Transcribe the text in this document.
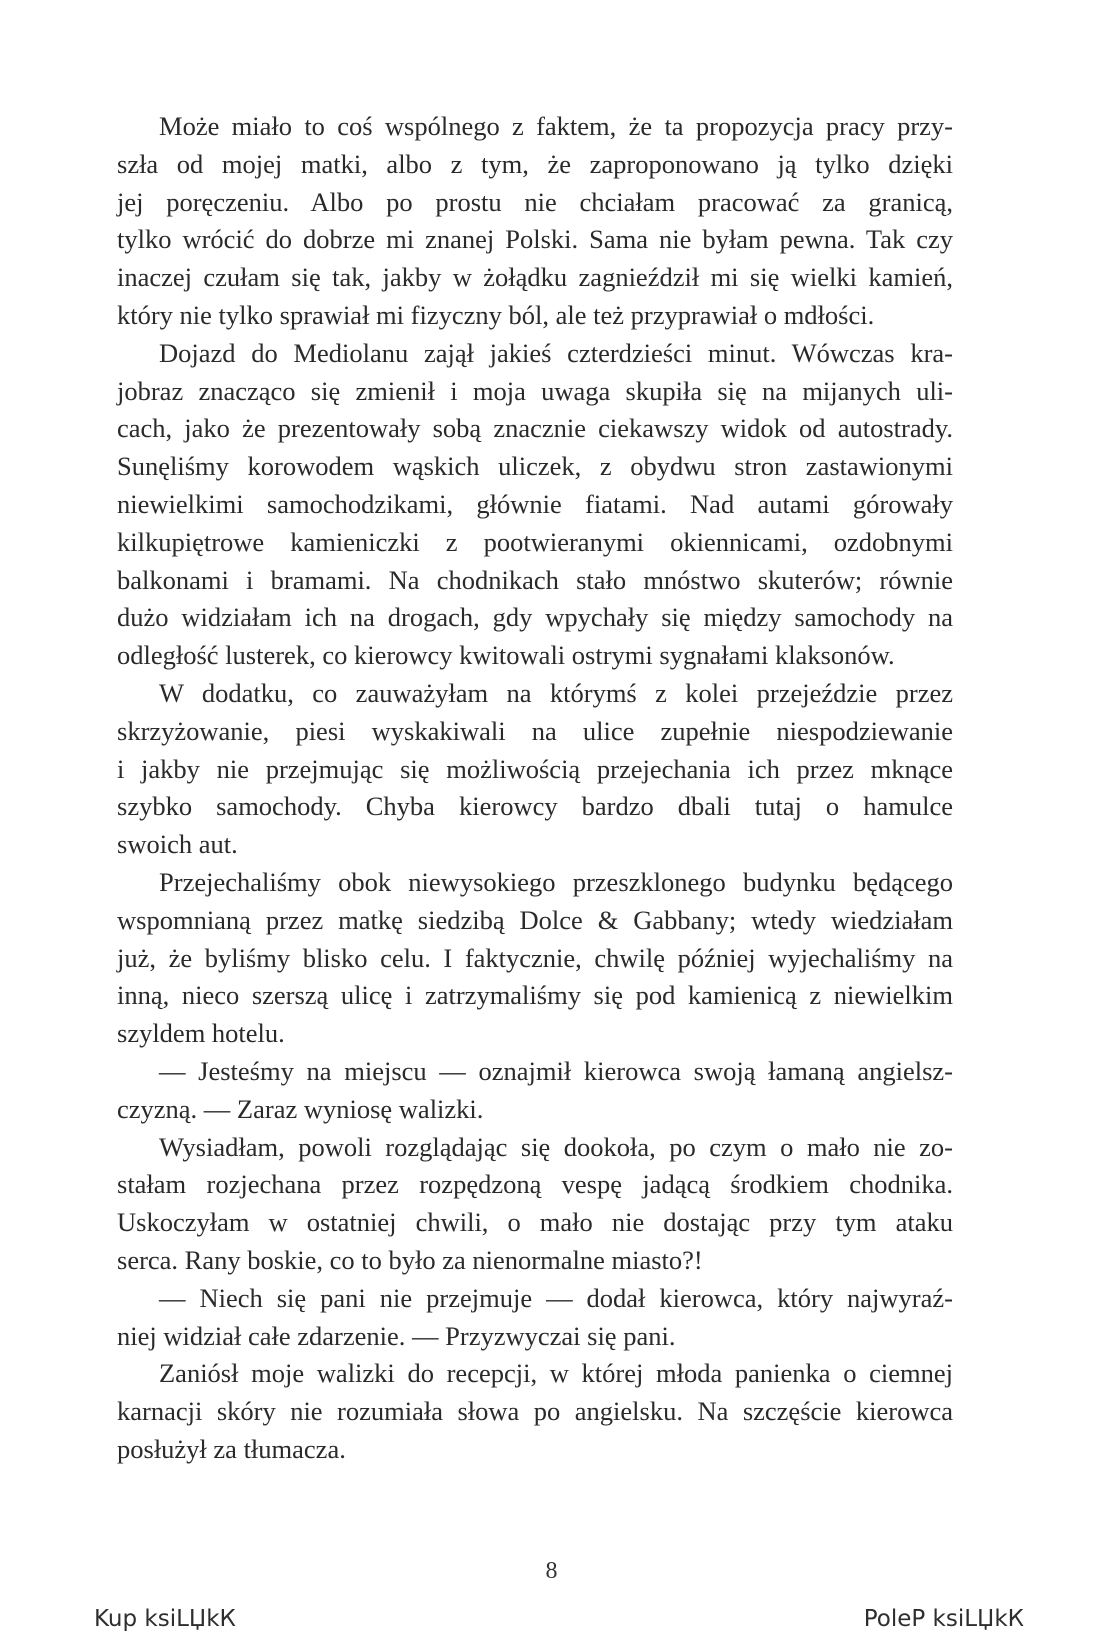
Może miało to coś wspólnego z faktem, że ta propozycja pracy przy-
szła od mojej matki, albo z tym, że zaproponowano ją tylko dzięki
jej poręczeniu. Albo po prostu nie chciałam pracować za granicą,
tylko wrócić do dobrze mi znanej Polski. Sama nie byłam pewna. Tak czy
inaczej czułam się tak, jakby w żołądku zagnieździł mi się wielki kamień,
który nie tylko sprawiał mi fizyczny ból, ale też przyprawiał o mdłości.
Dojazd do Mediolanu zajął jakieś czterdzieści minut. Wówczas kra-
jobraz znacząco się zmienił i moja uwaga skupiła się na mijanych uli-
cach, jako że prezentowały sobą znacznie ciekawszy widok od autostrady.
Sunęliśmy korowodem wąskich uliczek, z obydwu stron zastawionymi
niewielkimi samochodzikami, głównie fiatami. Nad autami górowały
kilkupiętrowe kamieniczki z pootwieranymi okiennicami, ozdobnymi
balkonami i bramami. Na chodnikach stało mnóstwo skuterów; równie
dużo widziałam ich na drogach, gdy wpychały się między samochody na
odległość lusterek, co kierowcy kwitowali ostrymi sygnałami klaksonów.
W dodatku, co zauważyłam na którymś z kolei przejeździe przez
skrzyżowanie, piesi wyskakiwali na ulice zupełnie niespodziewanie
i jakby nie przejmując się możliwością przejechania ich przez mknące
szybko samochody. Chyba kierowcy bardzo dbali tutaj o hamulce
swoich aut.
Przejechaliśmy obok niewysokiego przeszklonego budynku będącego
wspomnianą przez matkę siedzibą Dolce & Gabbany; wtedy wiedziałam
już, że byliśmy blisko celu. I faktycznie, chwilę później wyjechaliśmy na
inną, nieco szerszą ulicę i zatrzymaliśmy się pod kamienicą z niewielkim
szyldem hotelu.
— Jesteśmy na miejscu — oznajmił kierowca swoją łamaną angielsz-
czyzną. — Zaraz wyniosę walizki.
Wysiadłam, powoli rozglądając się dookoła, po czym o mało nie zo-
stałam rozjechana przez rozpędzoną vespę jadącą środkiem chodnika.
Uskoczyłam w ostatniej chwili, o mało nie dostając przy tym ataku
serca. Rany boskie, co to było za nienormalne miasto?!
— Niech się pani nie przejmuje — dodał kierowca, który najwyraź-
niej widział całe zdarzenie. — Przyzwyczai się pani.
Zaniósł moje walizki do recepcji, w której młoda panienka o ciemnej
karnacji skóry nie rozumiała słowa po angielsku. Na szczęście kierowca
posłużył za tłumacza.
8
Kup ksiLЏkК	PoleР ksiLЏkК
